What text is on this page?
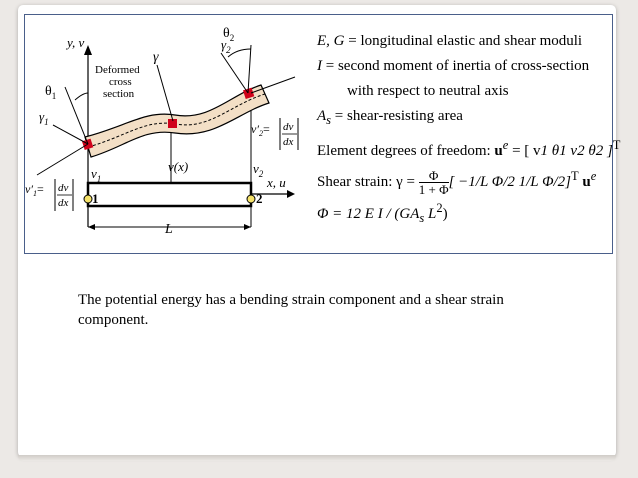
y, v
$\theta_1$
$\gamma_1$
Deformed
cross
section
γ
$\gamma_2$
$\theta_2$
v(x)
$v_1$
$v_2$
x, u
1	2
L
$v'_1=$ dv
dx
$v'_2=$ dv
dx
E, G = longitudinal elastic and shear moduli
I = second moment of inertia of cross-section
with respect to neutral axis
$A_s$ = shear-resisting area
Element degrees of freedom: $u^e$ = [ v1 θ1 v2 θ2 ]$^T$
Shear strain: $\gamma = \frac{\Phi}{1 + \Phi}$ [ −1/L Φ/2 1/L Φ/2]$^T$ $u^e$
Φ = 12 E I / ($GA_s$ $L^2$)
The potential energy has a bending strain component and a shear strain component.
